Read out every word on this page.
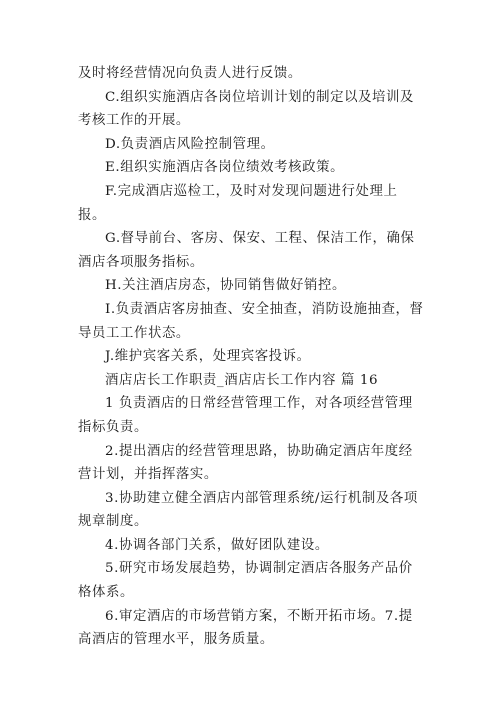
及时将经营情况向负责人进行反馈。

C.组织实施酒店各岗位培训计划的制定以及培训及考核工作的开展。

D.负责酒店风险控制管理。

E.组织实施酒店各岗位绩效考核政策。

F.完成酒店巡检工，及时对发现问题进行处理上报。

G.督导前台、客房、保安、工程、保洁工作，确保酒店各项服务指标。

H.关注酒店房态，协同销售做好销控。

I.负责酒店客房抽查、安全抽查，消防设施抽查，督导员工工作状态。

J.维护宾客关系，处理宾客投诉。

酒店店长工作职责_酒店店长工作内容 篇 16

1 负责酒店的日常经营管理工作，对各项经营管理指标负责。

2.提出酒店的经营管理思路，协助确定酒店年度经营计划，并指挥落实。

3.协助建立健全酒店内部管理系统/运行机制及各项规章制度。

4.协调各部门关系，做好团队建设。

5.研究市场发展趋势，协调制定酒店各服务产品价格体系。

6.审定酒店的市场营销方案，不断开拓市场。7.提高酒店的管理水平，服务质量。
